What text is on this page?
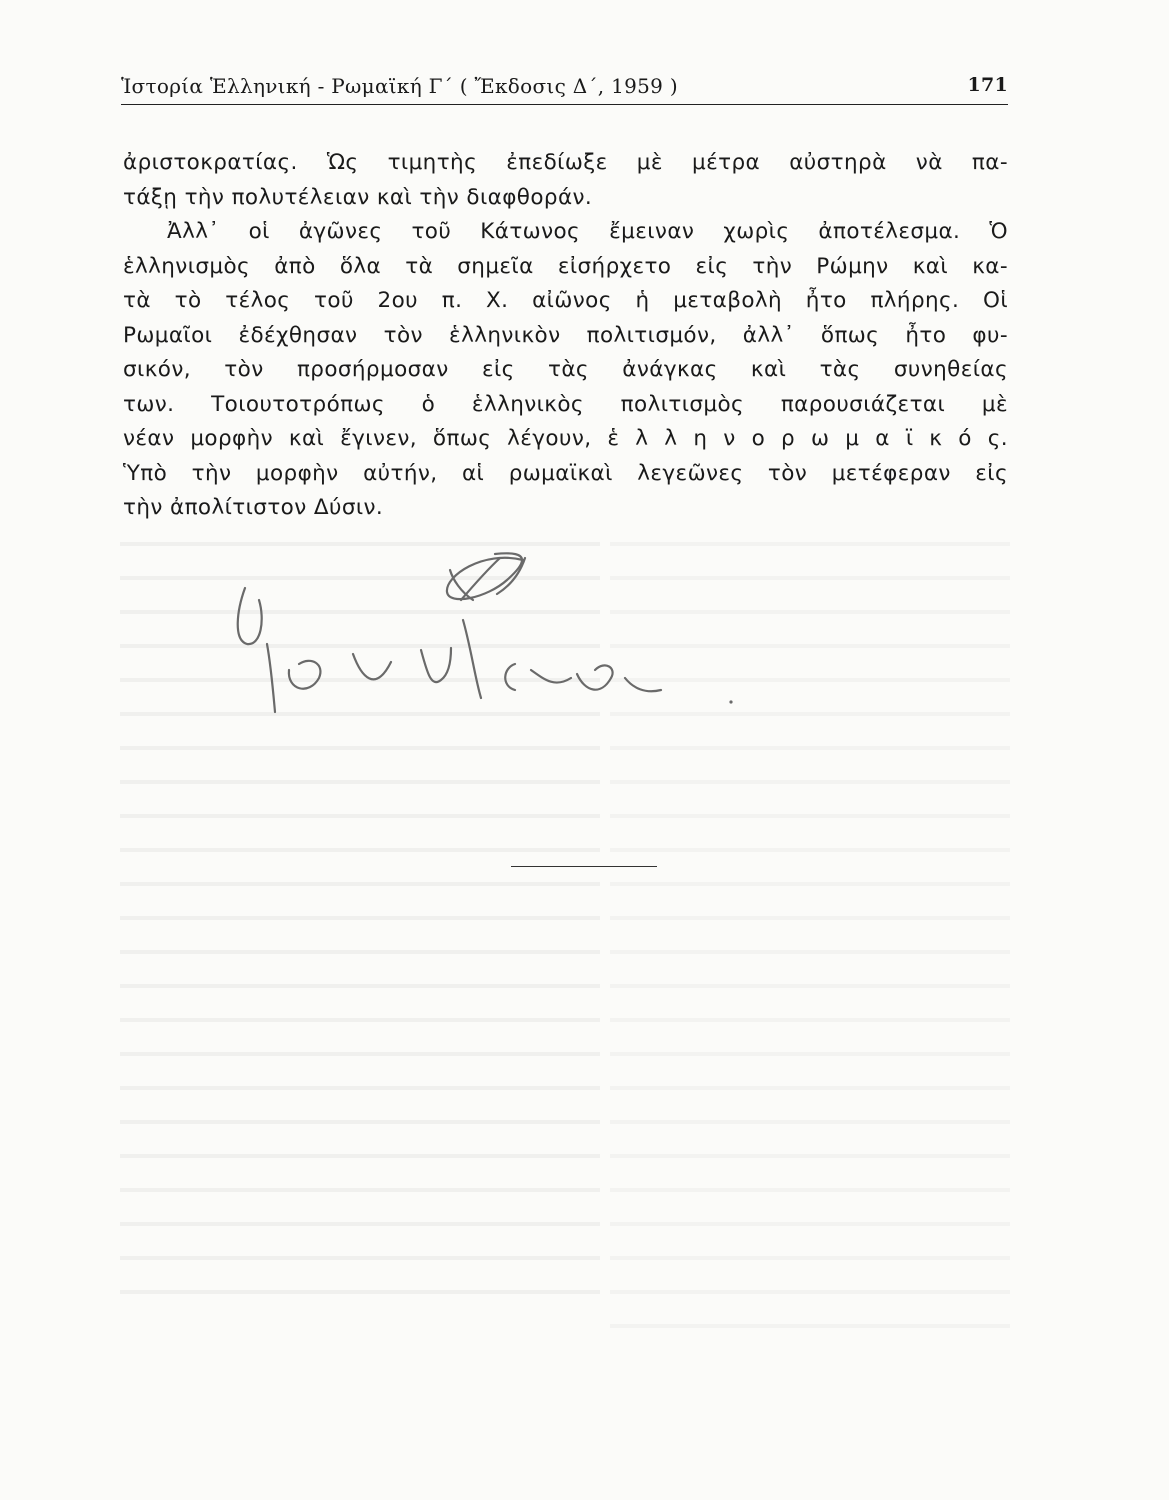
Ἱστορία Ἑλληνική - Ρωμαϊκή Γ΄ ( Ἔκδοσις Δ΄, 1959 )	171
ἀριστοκρατίας. Ὡς τιμητὴς ἐπεδίωξε μὲ μέτρα αὐστηρὰ νὰ πα-
τάξῃ τὴν πολυτέλειαν καὶ τὴν διαφθοράν.
Ἀλλ᾽ οἱ ἀγῶνες τοῦ Κάτωνος ἔμειναν χωρὶς ἀποτέλεσμα. Ὁ
ἑλληνισμὸς ἀπὸ ὅλα τὰ σημεῖα εἰσήρχετο εἰς τὴν Ρώμην καὶ κα-
τὰ τὸ τέλος τοῦ 2ου π. Χ. αἰῶνος ἡ μεταβολὴ ἦτο πλήρης. Οἱ
Ρωμαῖοι ἐδέχθησαν τὸν ἑλληνικὸν πολιτισμόν, ἀλλ᾽ ὅπως ἦτο φυ-
σικόν, τὸν προσήρμοσαν εἰς τὰς ἀνάγκας καὶ τὰς συνηθείας
των. Τοιουτοτρόπως ὁ ἑλληνικὸς πολιτισμὸς παρουσιάζεται μὲ
νέαν μορφὴν καὶ ἔγινεν, ὅπως λέγουν, ἑ λ λ η ν ο ρ ω μ α ϊ κ ό ς.
Ὑπὸ τὴν μορφὴν αὐτήν, αἱ ρωμαϊκαὶ λεγεῶνες τὸν μετέφεραν εἰς
τὴν ἀπολίτιστον Δύσιν.
